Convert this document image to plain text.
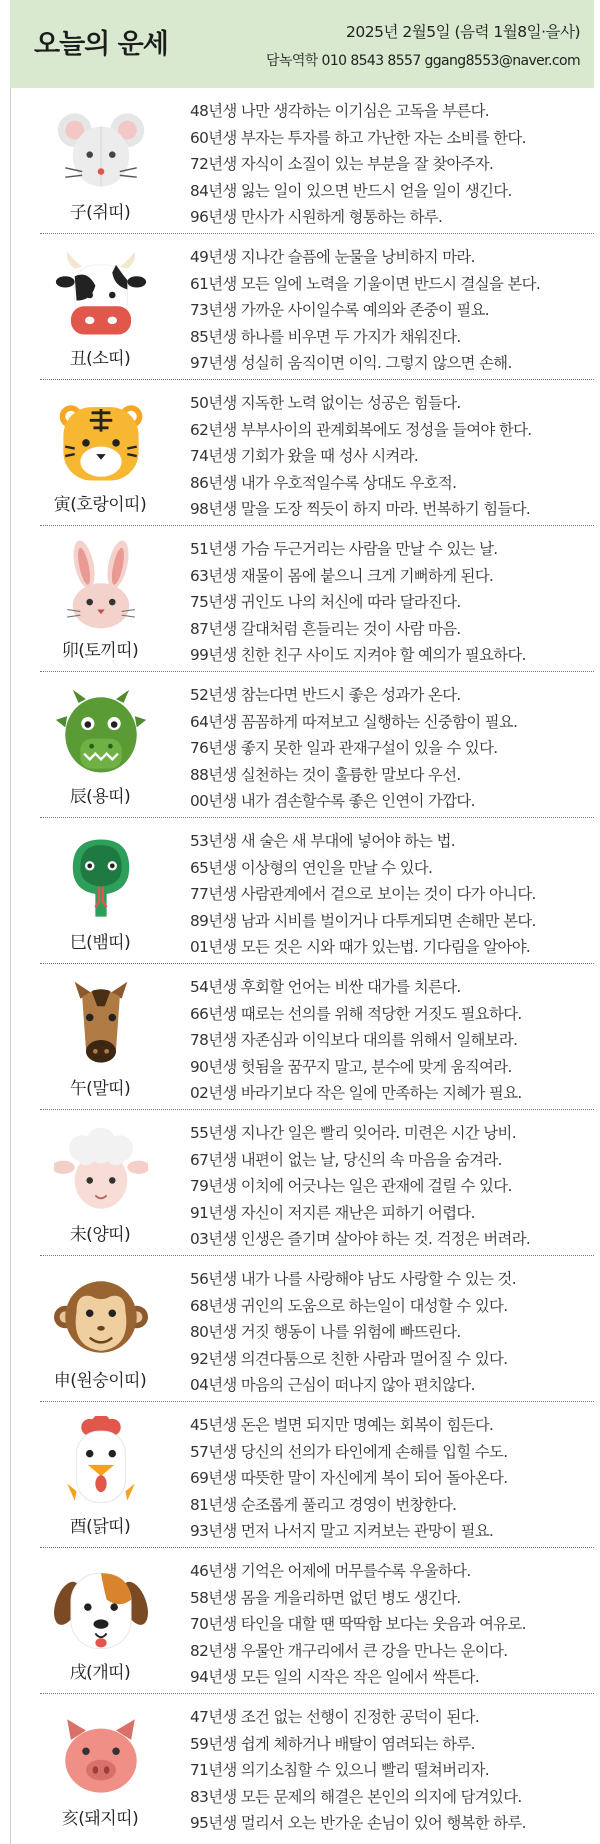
오늘의 운세	2025년 2월5일 (음력 1월8일·을사)
담녹역학 010 8543 8557 ggang8553@naver.com
子(쥐띠)
48년생 나만 생각하는 이기심은 고독을 부른다.
60년생 부자는 투자를 하고 가난한 자는 소비를 한다.
72년생 자식이 소질이 있는 부분을 잘 찾아주자.
84년생 잃는 일이 있으면 반드시 얻을 일이 생긴다.
96년생 만사가 시원하게 형통하는 하루.
丑(소띠)
49년생 지나간 슬픔에 눈물을 낭비하지 마라.
61년생 모든 일에 노력을 기울이면 반드시 결실을 본다.
73년생 가까운 사이일수록 예의와 존중이 필요.
85년생 하나를 비우면 두 가지가 채워진다.
97년생 성실히 움직이면 이익. 그렇지 않으면 손해.
寅(호랑이띠)
50년생 지독한 노력 없이는 성공은 힘들다.
62년생 부부사이의 관계회복에도 정성을 들여야 한다.
74년생 기회가 왔을 때 성사 시켜라.
86년생 내가 우호적일수록 상대도 우호적.
98년생 말을 도장 찍듯이 하지 마라. 번복하기 힘들다.
卯(토끼띠)
51년생 가슴 두근거리는 사람을 만날 수 있는 날.
63년생 재물이 몸에 붙으니 크게 기뻐하게 된다.
75년생 귀인도 나의 처신에 따라 달라진다.
87년생 갈대처럼 흔들리는 것이 사람 마음.
99년생 친한 친구 사이도 지켜야 할 예의가 필요하다.
辰(용띠)
52년생 참는다면 반드시 좋은 성과가 온다.
64년생 꼼꼼하게 따져보고 실행하는 신중함이 필요.
76년생 좋지 못한 일과 관재구설이 있을 수 있다.
88년생 실천하는 것이 훌륭한 말보다 우선.
00년생 내가 겸손할수록 좋은 인연이 가깝다.
巳(뱀띠)
53년생 새 술은 새 부대에 넣어야 하는 법.
65년생 이상형의 연인을 만날 수 있다.
77년생 사람관계에서 겉으로 보이는 것이 다가 아니다.
89년생 남과 시비를 벌이거나 다투게되면 손해만 본다.
01년생 모든 것은 시와 때가 있는법. 기다림을 알아야.
午(말띠)
54년생 후회할 언어는 비싼 대가를 치른다.
66년생 때로는 선의를 위해 적당한 거짓도 필요하다.
78년생 자존심과 이익보다 대의를 위해서 일해보라.
90년생 헛됨을 꿈꾸지 말고, 분수에 맞게 움직여라.
02년생 바라기보다 작은 일에 만족하는 지혜가 필요.
未(양띠)
55년생 지나간 일은 빨리 잊어라. 미련은 시간 낭비.
67년생 내편이 없는 날, 당신의 속 마음을 숨겨라.
79년생 이치에 어긋나는 일은 관재에 걸릴 수 있다.
91년생 자신이 저지른 재난은 피하기 어렵다.
03년생 인생은 즐기며 살아야 하는 것. 걱정은 버려라.
申(원숭이띠)
56년생 내가 나를 사랑해야 남도 사랑할 수 있는 것.
68년생 귀인의 도움으로 하는일이 대성할 수 있다.
80년생 거짓 행동이 나를 위험에 빠뜨린다.
92년생 의견다툼으로 친한 사람과 멀어질 수 있다.
04년생 마음의 근심이 떠나지 않아 편치않다.
酉(닭띠)
45년생 돈은 벌면 되지만 명예는 회복이 힘든다.
57년생 당신의 선의가 타인에게 손해를 입힐 수도.
69년생 따뜻한 말이 자신에게 복이 되어 돌아온다.
81년생 순조롭게 풀리고 경영이 번창한다.
93년생 먼저 나서지 말고 지켜보는 관망이 필요.
戌(개띠)
46년생 기억은 어제에 머무를수록 우울하다.
58년생 몸을 게을리하면 없던 병도 생긴다.
70년생 타인을 대할 땐 딱딱함 보다는 웃음과 여유로.
82년생 우물안 개구리에서 큰 강을 만나는 운이다.
94년생 모든 일의 시작은 작은 일에서 싹튼다.
亥(돼지띠)
47년생 조건 없는 선행이 진정한 공덕이 된다.
59년생 쉽게 체하거나 배탈이 염려되는 하루.
71년생 의기소침할 수 있으니 빨리 떨쳐버리자.
83년생 모든 문제의 해결은 본인의 의지에 담겨있다.
95년생 멀리서 오는 반가운 손님이 있어 행복한 하루.
